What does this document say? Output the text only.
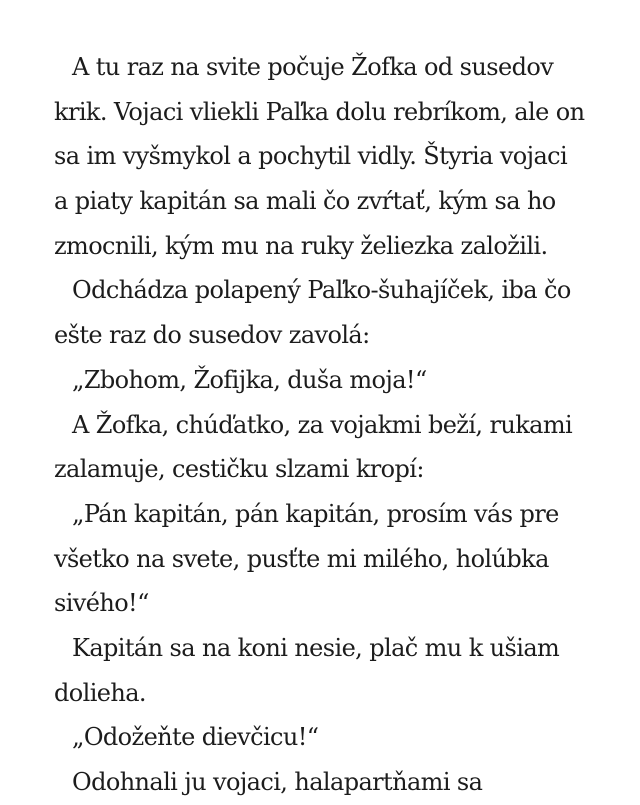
A tu raz na svite počuje Žofka od susedov
krik. Vojaci vliekli Paľka dolu rebríkom, ale on
sa im vyšmykol a pochytil vidly. Štyria vojaci
a piaty kapitán sa mali čo zvŕtať, kým sa ho
zmocnili, kým mu na ruky želiezka založili.
Odchádza polapený Paľko-šuhajíček, iba čo
ešte raz do susedov zavolá:
„Zbohom, Žofijka, duša moja!“
A Žofka, chúďatko, za vojakmi beží, rukami
zalamuje, cestičku slzami kropí:
„Pán kapitán, pán kapitán, prosím vás pre
všetko na svete, pusťte mi milého, holúbka
sivého!“
Kapitán sa na koni nesie, plač mu k ušiam
dolieha.
„Odožeňte dievčicu!“
Odohnali ju vojaci, halapartňami sa
